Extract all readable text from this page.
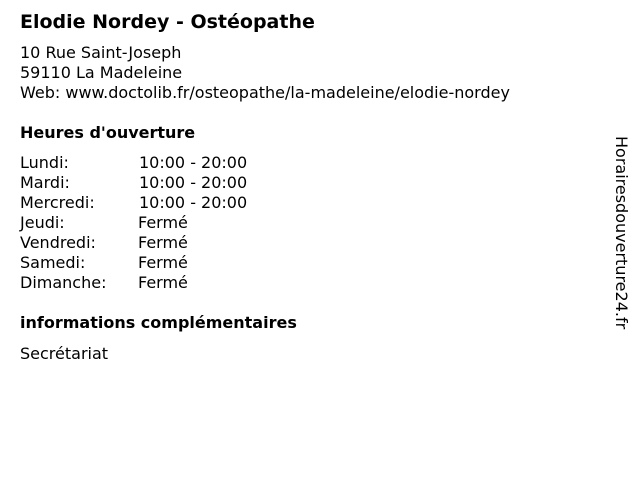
Elodie Nordey - Ostéopathe
10 Rue Saint-Joseph
59110 La Madeleine
Web: www.doctolib.fr/osteopathe/la-madeleine/elodie-nordey
Heures d'ouverture
Lundi:	10:00 - 20:00
Mardi:	10:00 - 20:00
Mercredi:	10:00 - 20:00
Jeudi:	Fermé
Vendredi:	Fermé
Samedi:	Fermé
Dimanche: Fermé
informations complémentaires
Secrétariat
Horairesdouverture24.fr
